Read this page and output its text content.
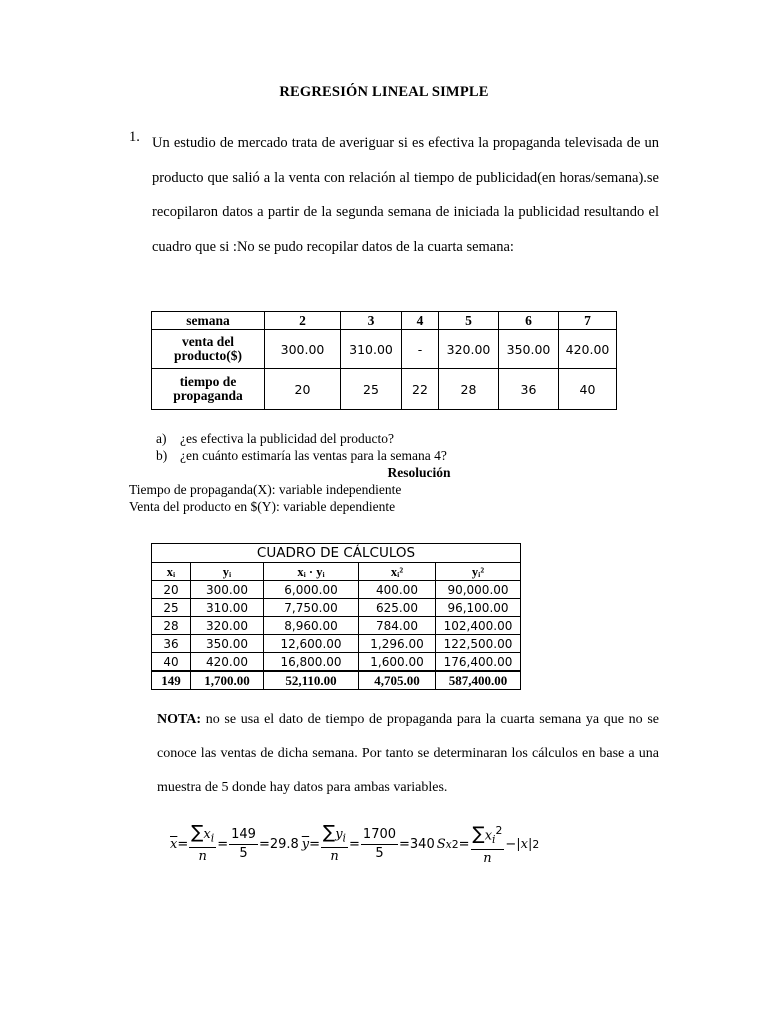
REGRESIÓN LINEAL SIMPLE
1. Un estudio de mercado trata de averiguar si es efectiva la propaganda televisada de un producto que salió a la venta con relación al tiempo de publicidad(en horas/semana).se recopilaron datos a partir de la segunda semana de iniciada la publicidad resultando el cuadro que si :No se pudo recopilar datos de la cuarta semana:
semana	2	3	4	5	6	7
venta del producto($)	300.00	310.00	-	320.00	350.00	420.00
tiempo de propaganda	20	25	22	28	36	40
a) ¿es efectiva la publicidad del producto?
b) ¿en cuánto estimaría las ventas para la semana 4?
Resolución
Tiempo de propaganda(X): variable independiente
Venta del producto en $(Y): variable dependiente
CUADRO DE CÁLCULOS				
xᵢ	yᵢ	xᵢ · yᵢ	xᵢ²	yᵢ²
20	300.00	6,000.00	400.00	90,000.00
25	310.00	7,750.00	625.00	96,100.00
28	320.00	8,960.00	784.00	102,400.00
36	350.00	12,600.00	1,296.00	122,500.00
40	420.00	16,800.00	1,600.00	176,400.00
149	1,700.00	52,110.00	4,705.00	587,400.00
NOTA: no se usa el dato de tiempo de propaganda para la cuarta semana ya que no se conoce las ventas de dicha semana. Por tanto se determinaran los cálculos en base a una muestra de 5 donde hay datos para ambas variables.
$\overline{x} = \frac{\sum x_i}{n} = \frac{149}{5} =29.8$ $\overline{y} = \frac{\sum y_i}{n} = \frac{1700}{5} =340$ S x $2 = \frac{\sum x_i^2}{n} - |x|$ 2
